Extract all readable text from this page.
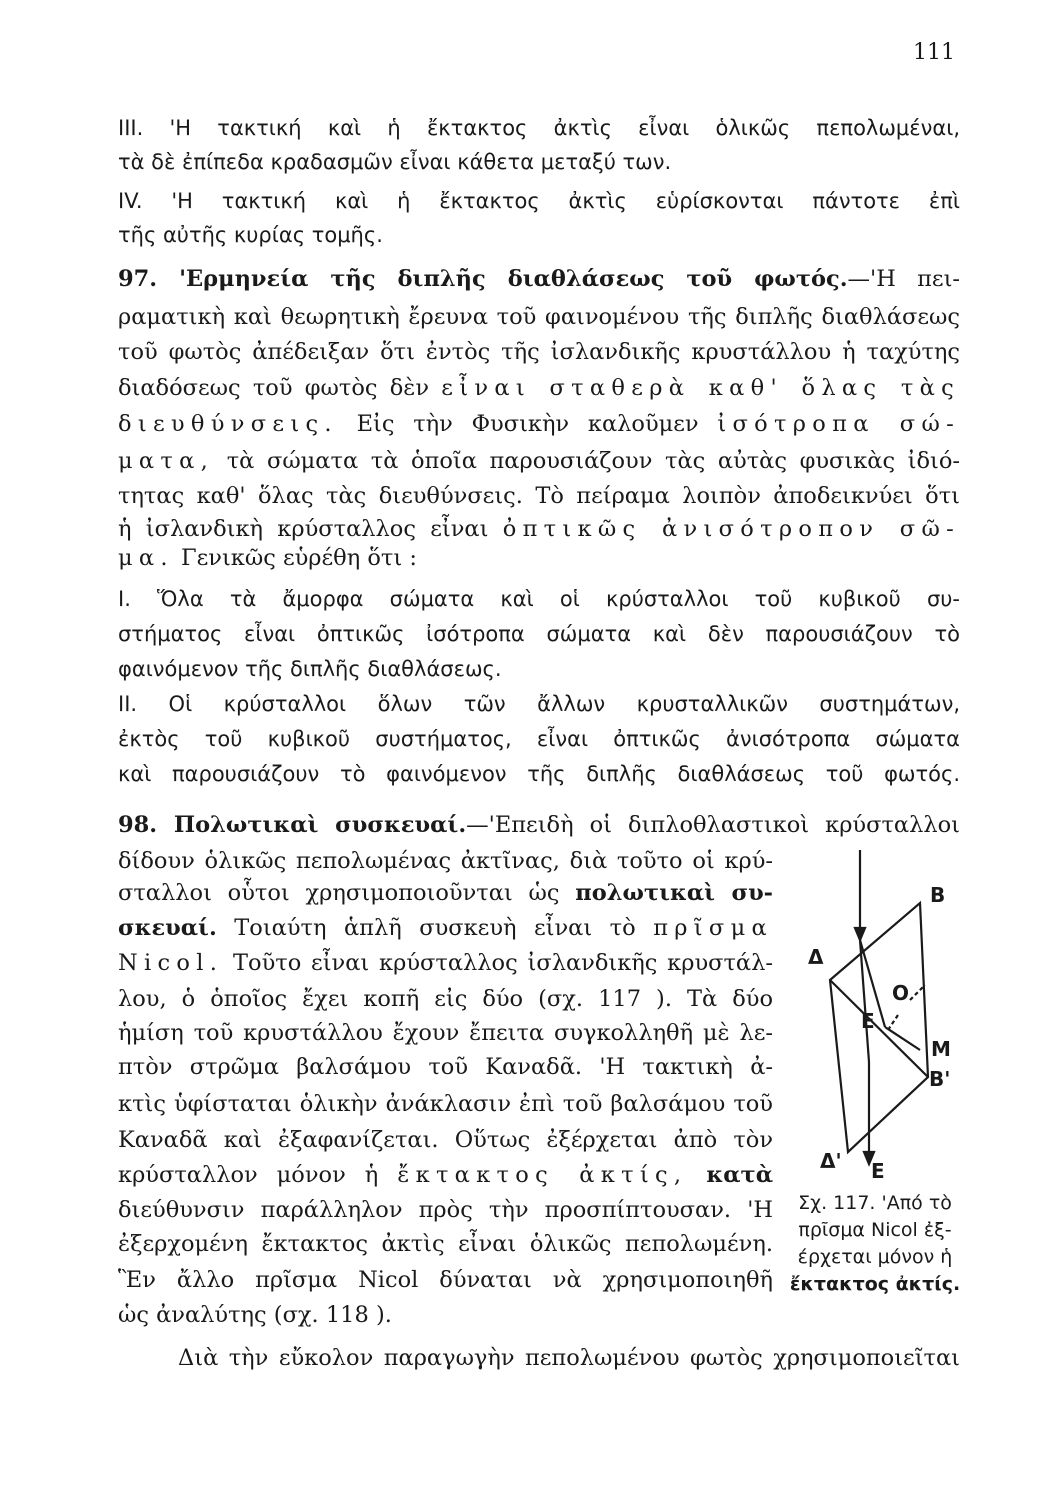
111
ΙΙΙ. 'Η τακτική καὶ ἡ ἔκτακτος ἀκτὶς εἶναι ὁλικῶς πεπολωμέναι,
τὰ δὲ ἐπίπεδα κραδασμῶν εἶναι κάθετα μεταξύ των.
ΙV. 'Η τακτική καὶ ἡ ἔκτακτος ἀκτὶς εὑρίσκονται πάντοτε ἐπὶ
τῆς αὐτῆς κυρίας τομῆς.
97. 'Ερμηνεία τῆς διπλῆς διαθλάσεως τοῦ φωτός.—'Η πει-
ραματικὴ καὶ θεωρητικὴ ἔρευνα τοῦ φαινομένου τῆς διπλῆς διαθλάσεως
τοῦ φωτὸς ἀπέδειξαν ὅτι ἐντὸς τῆς ἰσλανδικῆς κρυστάλλου ἡ ταχύτης
διαδόσεως τοῦ φωτὸς δὲν εἶναι σταθερὰ καθ' ὅλας τὰς
διευθύνσεις. Εἰς τὴν Φυσικὴν καλοῦμεν ἰσότροπα σώ-
ματα, τὰ σώματα τὰ ὁποῖα παρουσιάζουν τὰς αὐτὰς φυσικὰς ἰδιό-
τητας καθ' ὅλας τὰς διευθύνσεις. Τὸ πείραμα λοιπὸν ἀποδεικνύει ὅτι
ἡ ἰσλανδικὴ κρύσταλλος εἶναι ὀπτικῶς ἀνισότροπον σῶ-
μα. Γενικῶς εὑρέθη ὅτι :
Ι. Ὅλα τὰ ἄμορφα σώματα καὶ οἱ κρύσταλλοι τοῦ κυβικοῦ συ-
στήματος εἶναι ὀπτικῶς ἰσότροπα σώματα καὶ δὲν παρουσιάζουν τὸ
φαινόμενον τῆς διπλῆς διαθλάσεως.
ΙΙ. Οἱ κρύσταλλοι ὅλων τῶν ἄλλων κρυσταλλικῶν συστημάτων,
ἐκτὸς τοῦ κυβικοῦ συστήματος, εἶναι ὀπτικῶς ἀνισότροπα σώματα
καὶ παρουσιάζουν τὸ φαινόμενον τῆς διπλῆς διαθλάσεως τοῦ φωτός.
98. Πολωτικαὶ συσκευαί.—'Επειδὴ οἱ διπλοθλαστικοὶ κρύσταλλοι
δίδουν ὁλικῶς πεπολωμένας ἀκτῖνας, διὰ τοῦτο οἱ κρύ-
σταλλοι οὗτοι χρησιμοποιοῦνται ὡς πολωτικαὶ συ-
σκευαί. Τοιαύτη ἁπλῆ συσκευὴ εἶναι τὸ πρῖσμα
Nicol. Τοῦτο εἶναι κρύσταλλος ἰσλανδικῆς κρυστάλ-
λου, ὁ ὁποῖος ἔχει κοπῆ εἰς δύο (σχ. 117 ). Τὰ δύο
ἡμίση τοῦ κρυστάλλου ἔχουν ἔπειτα συγκολληθῆ μὲ λε-
πτὸν στρῶμα βαλσάμου τοῦ Καναδᾶ. 'Η τακτικὴ ἀ-
κτὶς ὑφίσταται ὁλικὴν ἀνάκλασιν ἐπὶ τοῦ βαλσάμου τοῦ
Καναδᾶ καὶ ἐξαφανίζεται. Οὕτως ἐξέρχεται ἀπὸ τὸν
κρύσταλλον μόνον ἡ ἔκτακτος ἀκτίς, κατὰ
διεύθυνσιν παράλληλον πρὸς τὴν προσπίπτουσαν. 'Η
ἐξερχομένη ἔκτακτος ἀκτὶς εἶναι ὁλικῶς πεπολωμένη.
Ἓν ἄλλο πρῖσμα Nicol δύναται νὰ χρησιμοποιηθῆ
ὡς ἀναλύτης (σχ. 118 ).
Διὰ τὴν εὔκολον παραγωγὴν πεπολωμένου φωτὸς χρησιμοποιεῖται
B
Δ
O
E
M
B'
Δ' E
Σχ. 117. 'Από τὸ
πρῖσμα Nicol ἐξ-
έρχεται μόνον ἡ
ἔκτακτος ἀκτίς.
